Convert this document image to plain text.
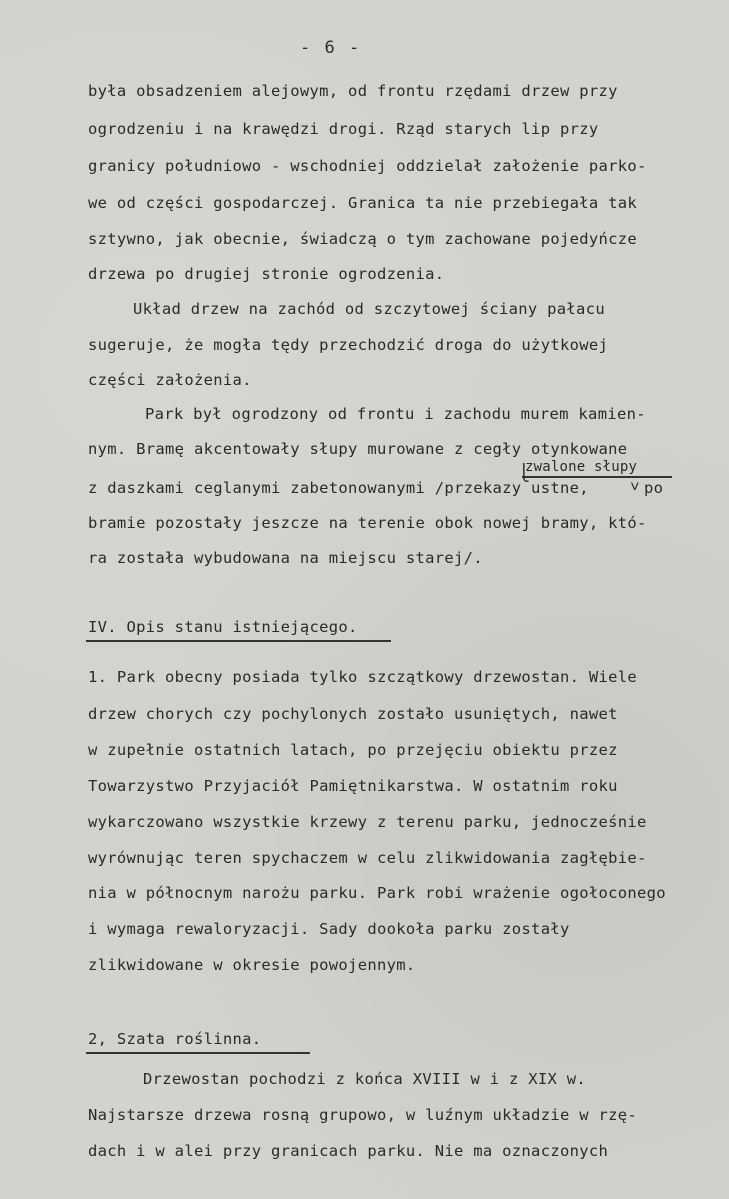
- 6 -
była obsadzeniem alejowym, od frontu rzędami drzew przy
ogrodzeniu i na krawędzi drogi. Rząd starych lip przy
granicy południowo - wschodniej oddzielał założenie parko-
we od części gospodarczej. Granica ta nie przebiegała tak
sztywno, jak obecnie, świadczą o tym zachowane pojedyńcze
drzewa po drugiej stronie ogrodzenia.
Układ drzew na zachód od szczytowej ściany pałacu
sugeruje, że mogła tędy przechodzić droga do użytkowej
części założenia.
Park był ogrodzony od frontu i zachodu murem kamien-
nym. Bramę akcentowały słupy murowane z cegły otynkowane
zwalone słupy
⎩
z daszkami ceglanymi zabetonowanymi /przekazy ustne,	˅ po
bramie pozostały jeszcze na terenie obok nowej bramy, któ-
ra została wybudowana na miejscu starej/.
IV. Opis stanu istniejącego.
1. Park obecny posiada tylko szczątkowy drzewostan. Wiele
drzew chorych czy pochylonych zostało usuniętych, nawet
w zupełnie ostatnich latach, po przejęciu obiektu przez
Towarzystwo Przyjaciół Pamiętnikarstwa. W ostatnim roku
wykarczowano wszystkie krzewy z terenu parku, jednocześnie
wyrównując teren spychaczem w celu zlikwidowania zagłębie-
nia w północnym narożu parku. Park robi wrażenie ogołoconego
i wymaga rewaloryzacji. Sady dookoła parku zostały
zlikwidowane w okresie powojennym.
2, Szata roślinna.
Drzewostan pochodzi z końca XVIII w i z XIX w.
Najstarsze drzewa rosną grupowo, w luźnym układzie w rzę-
dach i w alei przy granicach parku. Nie ma oznaczonych
